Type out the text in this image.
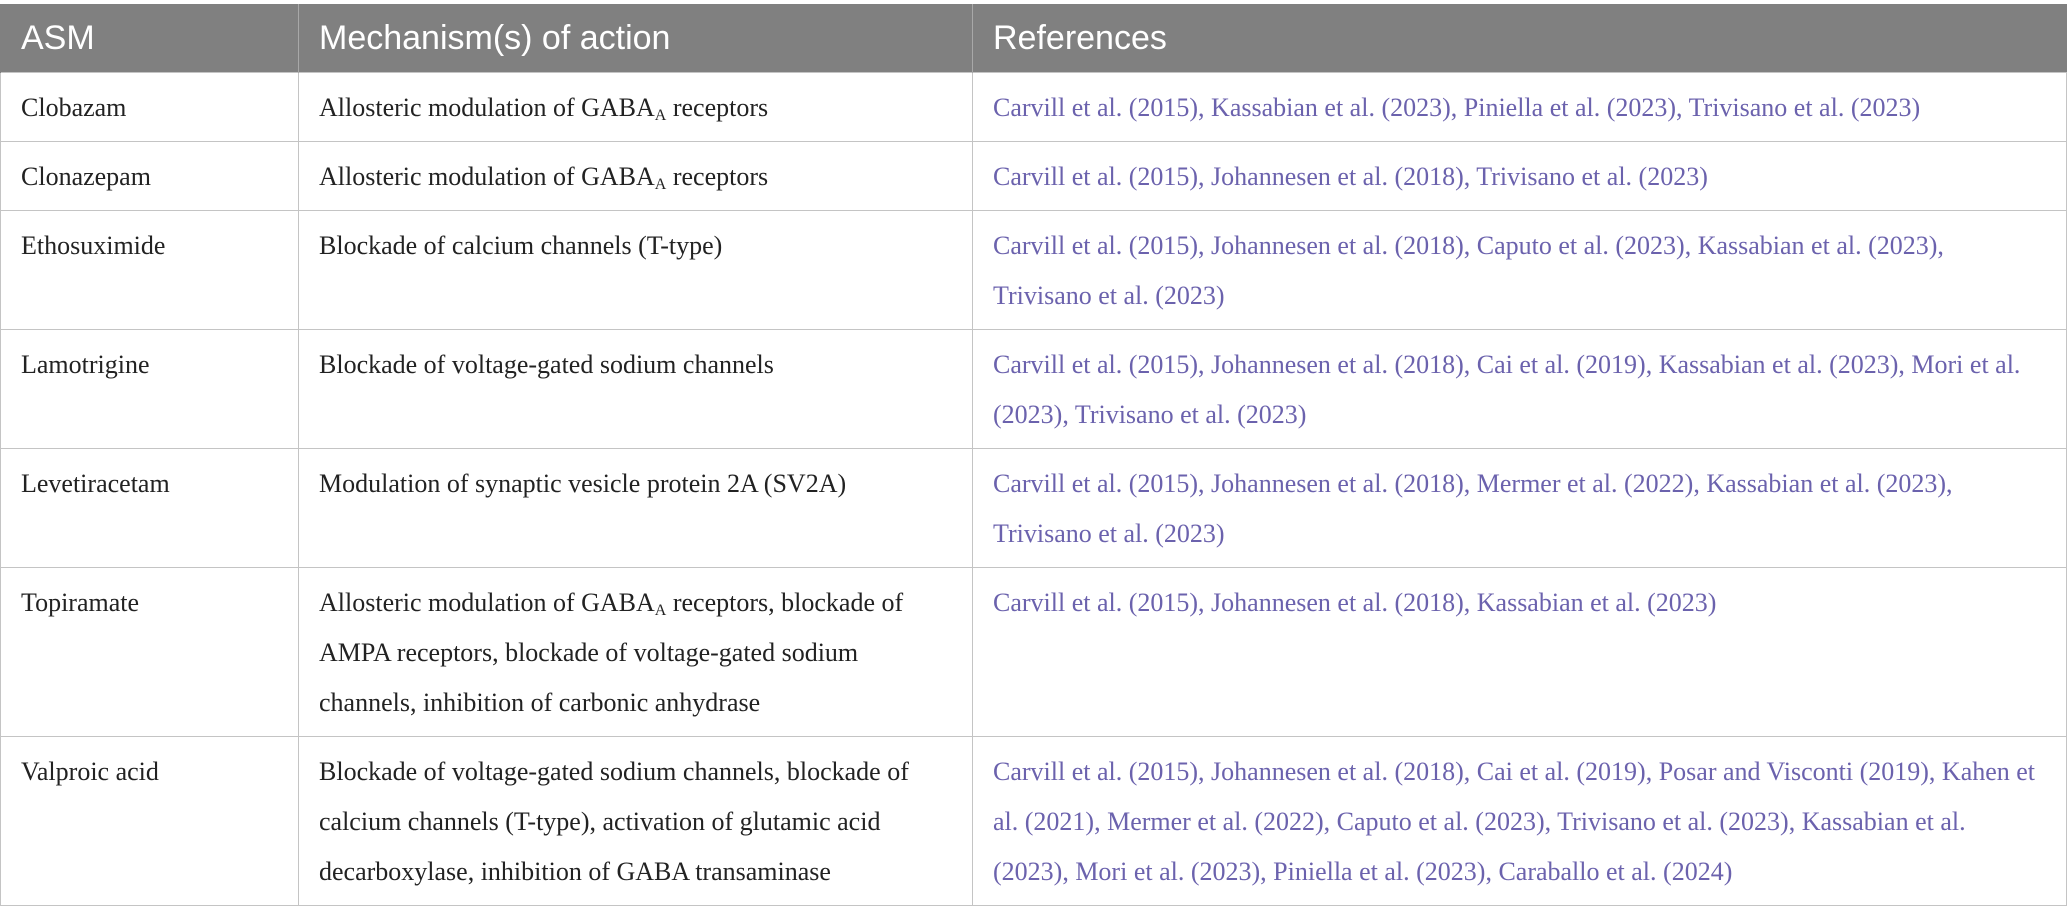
ASM	Mechanism(s) of action	References
Clobazam	Allosteric modulation of $GABA_A$ receptors	Carvill et al. (2015), Kassabian et al. (2023), Piniella et al. (2023), Trivisano et al. (2023)
Clonazepam	Allosteric modulation of $GABA_A$ receptors	Carvill et al. (2015), Johannesen et al. (2018), Trivisano et al. (2023)
Ethosuximide	Blockade of calcium channels (T-type)	Carvill et al. (2015), Johannesen et al. (2018), Caputo et al. (2023), Kassabian et al. (2023), Trivisano et al. (2023)
Lamotrigine	Blockade of voltage-gated sodium channels	Carvill et al. (2015), Johannesen et al. (2018), Cai et al. (2019), Kassabian et al. (2023), Mori et al. (2023), Trivisano et al. (2023)
Levetiracetam	Modulation of synaptic vesicle protein 2A (SV2A)	Carvill et al. (2015), Johannesen et al. (2018), Mermer et al. (2022), Kassabian et al. (2023), Trivisano et al. (2023)
Topiramate	Allosteric modulation of $GABA_A$ receptors, blockade of AMPA receptors, blockade of voltage-gated sodium channels, inhibition of carbonic anhydrase	Carvill et al. (2015), Johannesen et al. (2018), Kassabian et al. (2023)
Valproic acid	Blockade of voltage-gated sodium channels, blockade of calcium channels (T-type), activation of glutamic acid decarboxylase, inhibition of GABA transaminase	Carvill et al. (2015), Johannesen et al. (2018), Cai et al. (2019), Posar and Visconti (2019), Kahen et al. (2021), Mermer et al. (2022), Caputo et al. (2023), Trivisano et al. (2023), Kassabian et al. (2023), Mori et al. (2023), Piniella et al. (2023), Caraballo et al. (2024)
